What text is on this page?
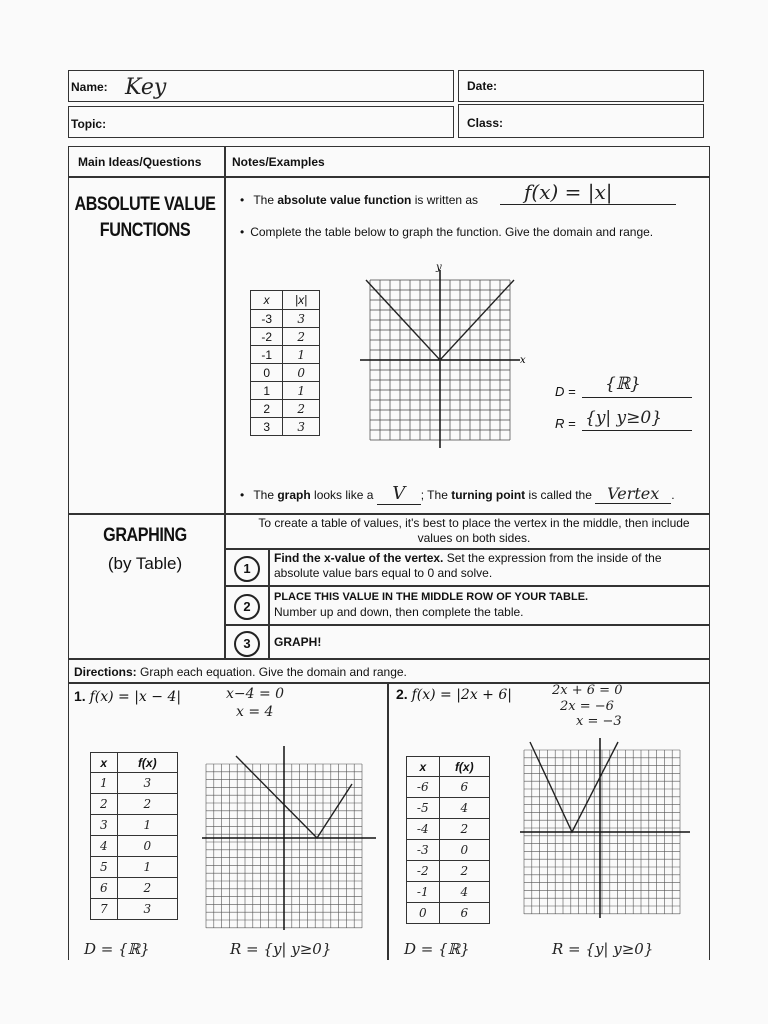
Name: Key	Date:
Topic:	Class:
Main Ideas/Questions	Notes/Examples
ABSOLUTE VALUE
FUNCTIONS
• The absolute value function is written as f(x) = |x|
• Complete the table below to graph the function. Give the domain and range.
x	|x|
-3	3
-2	2
-1	1
0	0
1	1
2	2
3	3
y
x
D = {ℝ}
R = {y| y≥0}
• The graph looks like a V ; The turning point is called the Vertex .
GRAPHING
(by Table)
To create a table of values, it's best to place the vertex in the middle, then include values on both sides.
1
Find the x-value of the vertex. Set the expression from the inside of the absolute value bars equal to 0 and solve.
2
PLACE THIS VALUE IN THE MIDDLE ROW OF YOUR TABLE.
Number up and down, then complete the table.
3	GRAPH!
Directions: Graph each equation. Give the domain and range.
1. f(x) = |x − 4|	x−4 = 0
x = 4
x	f(x)
1	3
2	2
3	1
4	0
5	1
6	2
7	3
D = {ℝ}	R = {y| y≥0}
2. f(x) = |2x + 6|	2x + 6 = 0
2x = −6
x = −3
x	f(x)
-6	6
-5	4
-4	2
-3	0
-2	2
-1	4
0	6
D = {ℝ}	R = {y| y≥0}
